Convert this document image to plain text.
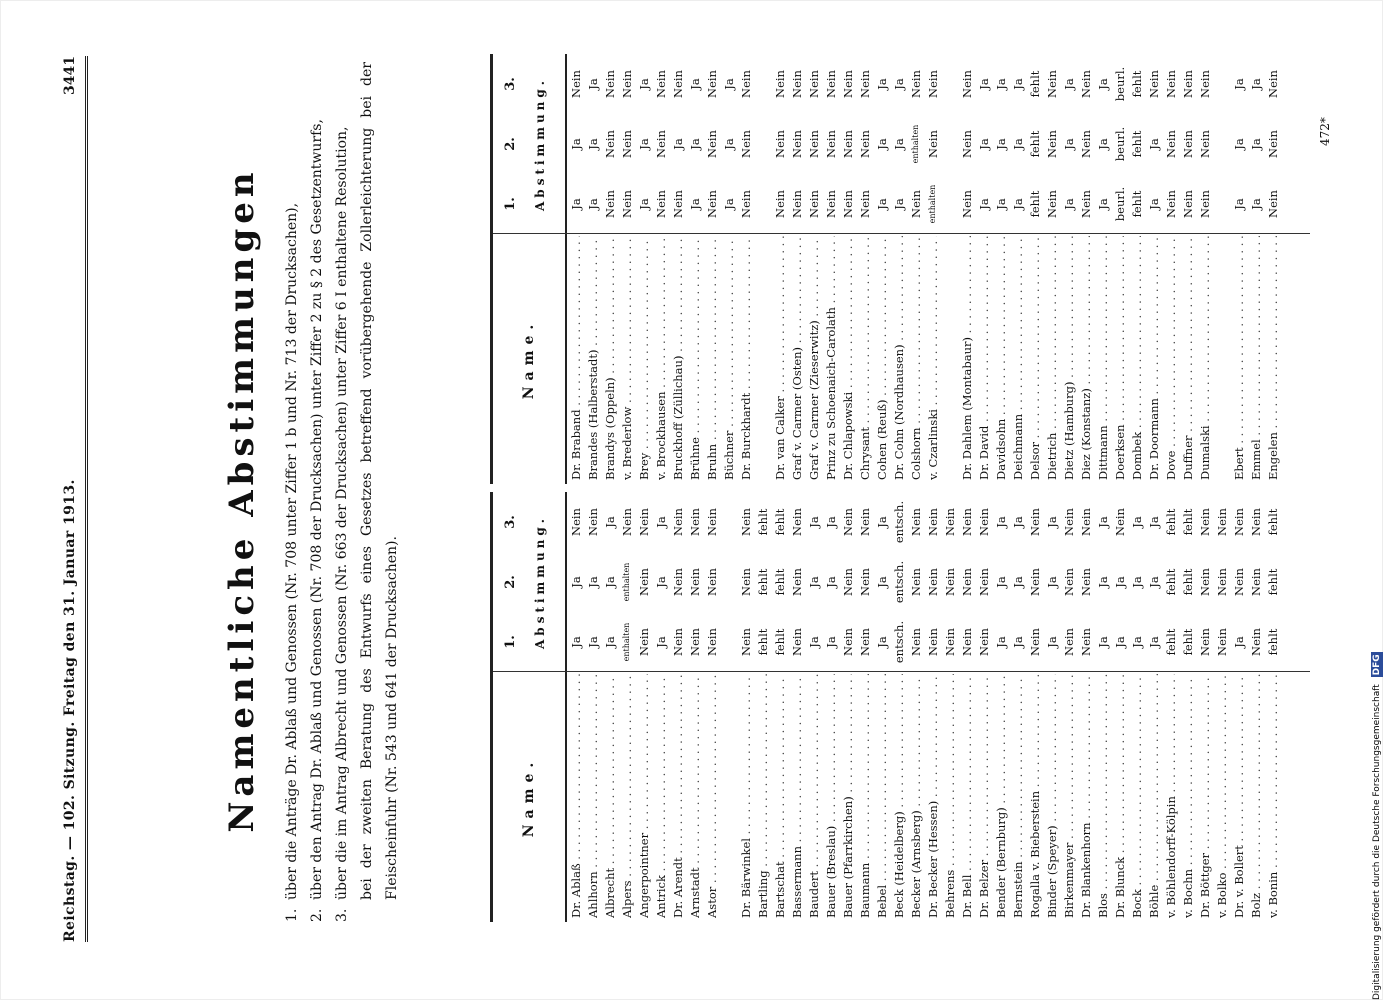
Reichstag. — 102. Sitzung. Freitag den 31. Januar 1913.
3441
Namentliche Abstimmungen
1.
über die Anträge Dr. Ablaß und Genossen (Nr. 708 unter Ziffer 1 b und Nr. 713 der Drucksachen),
2.
über den Antrag Dr. Ablaß und Genossen (Nr. 708 der Drucksachen) unter Ziffer 2 zu § 2 des Gesetzentwurfs,
3.
über die im Antrag Albrecht und Genossen (Nr. 663 der Drucksachen) unter Ziffer 6 I enthaltene Resolution, bei der zweiten Beratung des Entwurfs eines Gesetzes betreffend vorübergehende Zollerleichterung bei der Fleischeinfuhr (Nr. 543 und 641 der Drucksachen).	Name.
1.
2.
3. Abstimmung.
Dr. Ablaß . . .
Ja
Ja
Nein
Ahlhorn . . .
Ja
Ja
Nein
Albrecht . . .
Ja
Ja
Ja
Alpers . . .
enthalten
enthalten
Nein
Angerpointner . . .
Nein
Nein
Nein
Antrick . . .
Ja
Ja
Ja
Dr. Arendt . . .
Nein
Nein
Nein
Arnstadt . . .
Nein
Nein
Nein
Astor . . .
Nein
Nein
Nein
Dr. Bärwinkel . . .
Nein
Nein
Nein
Bartling . . .
fehlt
fehlt
fehlt
Bartschat . . .
fehlt
fehlt
fehlt
Bassermann . . .
Nein
Nein
Nein
Baudert . . .
Ja
Ja
Ja
Bauer (Breslau) . . .
Ja
Ja
Ja
Bauer (Pfarrkirchen) . . .
Nein
Nein
Nein
Baumann . . .
Nein
Nein
Nein
Bebel . . .
Ja
Ja
Ja
Beck (Heidelberg) . . .
entsch.
entsch.
entsch.
Becker (Arnsberg) . . .
Nein
Nein
Nein
Dr. Becker (Hessen) . . .
Nein
Nein
Nein
Behrens . . .
Nein
Nein
Nein
Dr. Bell . . .
Nein
Nein
Nein
Dr. Belzer . . .
Nein
Nein
Nein
Bender (Bernburg) . . .
Ja
Ja
Ja
Bernstein . . .
Ja
Ja
Ja
Rogalla v. Bieberstein . . .
Nein
Nein
Nein
Binder (Speyer) . . .
Ja
Ja
Ja
Birkenmayer . . .
Nein
Nein
Nein
Dr. Blankenhorn . . .
Nein
Nein
Nein
Blos . . .
Ja
Ja
Ja
Dr. Blunck . . .
Ja
Ja
Nein
Bock . . .
Ja
Ja
Ja
Böhle . . .
Ja
Ja
Ja
v. Böhlendorff-Kölpin . . .
fehlt
fehlt
fehlt
v. Bochn . . .
fehlt
fehlt
fehlt
Dr. Böttger . . .
Nein
Nein
Nein
v. Bolko . . .
Nein
Nein
Nein
Dr. v. Bollert . . .
Ja
Nein
Nein
Bolz . . .
Nein
Nein
Nein
v. Bonin . . .
fehlt
fehlt
fehlt
Name.
1.
2.
3. Abstimmung.
Dr. Braband . . .
Ja
Ja
Nein
Brandes (Halberstadt) . . .
Ja
Ja
Ja
Brandys (Oppeln) . . .
Nein
Nein
Nein
v. Brederlow . . .
Nein
Nein
Nein
Brey . . .
Ja
Ja
Ja
v. Brockhausen . . .
Nein
Nein
Nein
Bruckhoff (Züllichau) . . .
Nein
Ja
Nein
Brühne . . .
Ja
Ja
Ja
Bruhn . . .
Nein
Nein
Nein
Büchner . . .
Ja
Ja
Ja
Dr. Burckhardt . . .
Nein
Nein
Nein
Dr. van Calker . . .
Nein
Nein
Nein
Graf v. Carmer (Osten) . . .
Nein
Nein
Nein
Graf v. Carmer (Zieserwitz) . . .
Nein
Nein
Nein
Prinz zu Schoenaich-Carolath . . .
Nein
Nein
Nein
Dr. Chlapowski . . .
Nein
Nein
Nein
Chrysant . . .
Nein
Nein
Nein
Cohen (Reuß) . . .
Ja
Ja
Ja
Dr. Cohn (Nordhausen) . . .
Ja
Ja
Ja
Colshorn . . .
Nein
enthalten
Nein
v. Czarlinski . . .
enthalten
Nein
Nein
Dr. Dahlem (Montabaur) . . .
Nein
Nein
Nein
Dr. David . . .
Ja
Ja
Ja
Davidsohn . . .
Ja
Ja
Ja
Deichmann . . .
Ja
Ja
Ja
Delsor . . .
fehlt
fehlt
fehlt
Dietrich . . .
Nein
Nein
Nein
Dietz (Hamburg) . . .
Ja
Ja
Ja
Diez (Konstanz) . . .
Nein
Nein
Nein
Dittmann . . .
Ja
Ja
Ja
Doerksen . . .
beurl.
beurl.
beurl.
Dombek . . .
fehlt
fehlt
fehlt
Dr. Doormann . . .
Ja
Ja
Nein
Dove . . .
Nein
Nein
Nein
Duffner . . .
Nein
Nein
Nein
Dumalski . . .
Nein
Nein
Nein
Ebert . . .
Ja
Ja
Ja
Emmel . . .
Ja
Ja
Ja
Engelen . . .
Nein
Nein
Nein
472*
Digitalisierung gefördert durch die Deutsche Forschungsgemeinschaft DFG
